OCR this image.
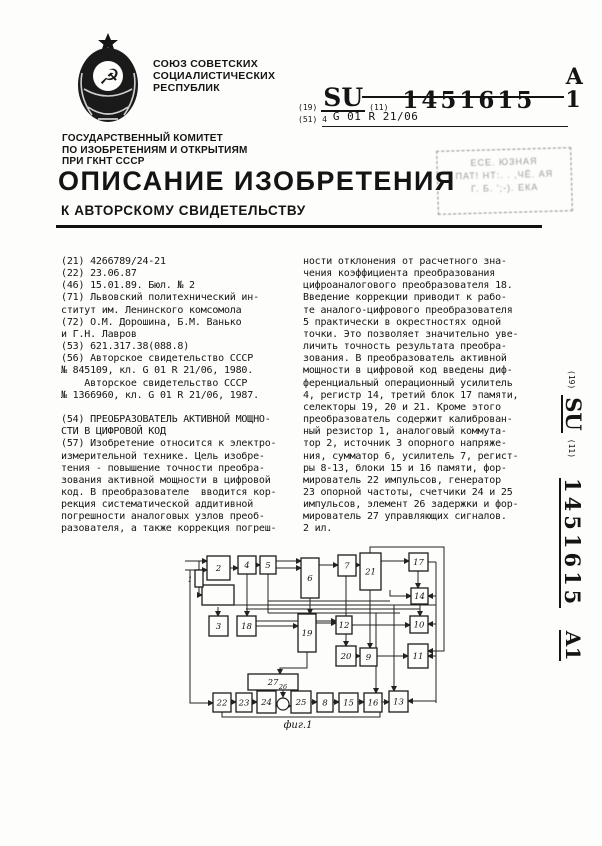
☭
СОЮЗ СОВЕТСКИХ
СОЦИАЛИСТИЧЕСКИХ
РЕСПУБЛИК
(19) SU (11) 1451615
А 1
(51) 4 G 01 R 21/06
ГОСУДАРСТВЕННЫЙ КОМИТЕТ
ПО ИЗОБРЕТЕНИЯМ И ОТКРЫТИЯМ
ПРИ ГКНТ СССР	ЕСЕ. ЮЗНАЯ
ПАТ! НТ:. . ,ЧЁ. АЯ
Г. Б. ';-). ЕКА
ОПИСАНИЕ ИЗОБРЕТЕНИЯ
К АВТОРСКОМУ СВИДЕТЕЛЬСТВУ
(21) 4266789/24-21
(22) 23.06.87
(46) 15.01.89. Бюл. № 2
(71) Львовский политехнический ин-
ститут им. Ленинского комсомола
(72) О.М. Дорошина, Б.М. Ванько
и Г.Н. Лавров
(53) 621.317.38(088.8)
(56) Авторское свидетельство СССР
№ 845109, кл. G 01 R 21/06, 1980.
Авторское свидетельство СССР
№ 1366960, кл. G 01 R 21/06, 1987.

(54) ПРЕОБРАЗОВАТЕЛЬ АКТИВНОЙ МОЩНО-
СТИ В ЦИФРОВОЙ КОД
(57) Изобретение относится к электро-
измерительной технике. Цель изобре-
тения - повышение точности преобра-
зования активной мощности в цифровой
код. В преобразователе  вводится кор-
рекция систематической аддитивной
погрешности аналоговых узлов преоб-
разователя, а также коррекция погреш-
ности отклонения от расчетного зна-
чения коэффициента преобразования
цифроаналогового преобразователя 18.
Введение коррекции приводит к рабо-
те аналого-цифрового преобразователя
5 практически в окрестностях одной
точки. Это позволяет значительно уве-
личить точность результата преобра-
зования. В преобразователь активной
мощности в цифровой код введены диф-
ференциальный операционный усилитель
4, регистр 14, третий блок 17 памяти,
селекторы 19, 20 и 21. Кроме этого
преобразователь содержит калиброван-
ный резистор 1, аналоговый коммута-
тор 2, источник 3 опорного напряже-
ния, сумматор 6, усилитель 7, регист-
ры 8-13, блоки 15 и 16 памяти, фор-
мирователь 22 импульсов, генератор
23 опорной частоты, счетчики 24 и 25
импульсов, элемент 26 задержки и фор-
мирователь 27 управляющих сигналов.
2 ил.
(19)
SU
(11)
1451615
А1
2	4 5
6
7
21
17
14
3 18
19
12	10
20 9	11
27
22 23 24	25 8 15 16 13
26
1
фиг.1
